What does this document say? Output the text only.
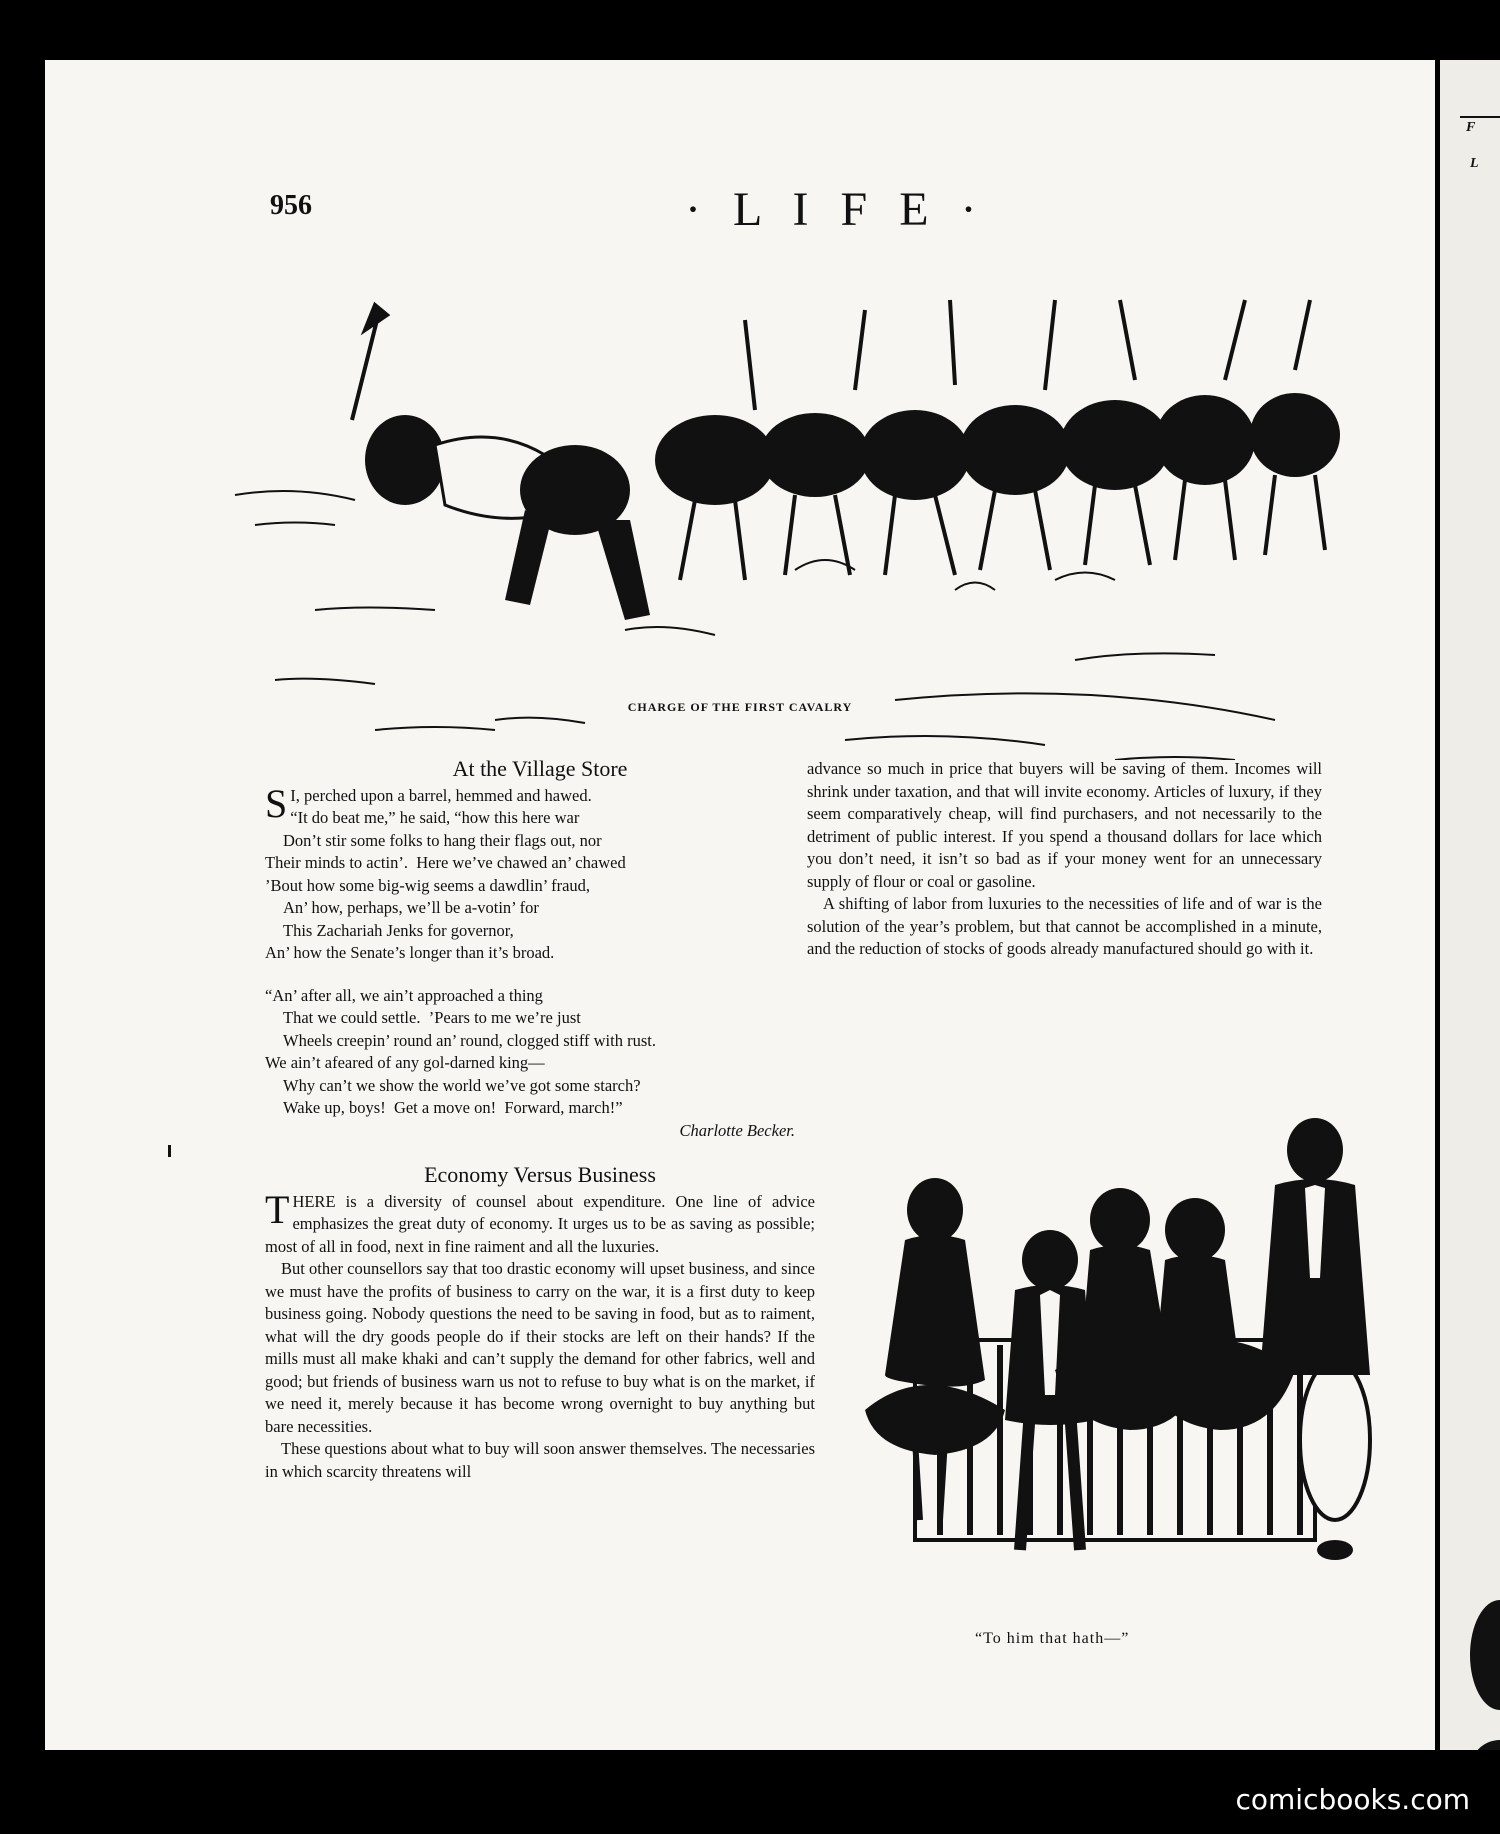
956	· L I F E ·
CHARGE OF THE FIRST CAVALRY
At the Village Store
S I, perched upon a barrel, hemmed and hawed.

“It do beat me,” he said, “how this here war

Don’t stir some folks to hang their flags out, nor

Their minds to actin’.  Here we’ve chawed an’ chawed

’Bout how some big-wig seems a dawdlin’ fraud,

An’ how, perhaps, we’ll be a-votin’ for

This Zachariah Jenks for governor,

An’ how the Senate’s longer than it’s broad.

“An’ after all, we ain’t approached a thing

That we could settle.  ’Pears to me we’re just

Wheels creepin’ round an’ round, clogged stiff with rust.

We ain’t afeared of any gol-darned king—

Why can’t we show the world we’ve got some starch?

Wake up, boys!  Get a move on!  Forward, march!”

Charlotte Becker.

Economy Versus Business

THERE is a diversity of counsel about expenditure. One line of advice emphasizes the great duty of economy. It urges us to be as saving as possible; most of all in food, next in fine raiment and all the luxuries.

But other counsellors say that too drastic economy will upset business, and since we must have the profits of business to carry on the war, it is a first duty to keep business going. Nobody questions the need to be saving in food, but as to raiment, what will the dry goods people do if their stocks are left on their hands? If the mills must all make khaki and can’t supply the demand for other fabrics, well and good; but friends of business warn us not to refuse to buy what is on the market, if we need it, merely because it has become wrong overnight to buy anything but bare necessities.

These questions about what to buy will soon answer themselves. The necessaries in which scarcity threatens will

advance so much in price that buyers will be saving of them. Incomes will shrink under taxation, and that will invite economy. Articles of luxury, if they seem comparatively cheap, will find purchasers, and not necessarily to the detriment of public interest. If you spend a thousand dollars for lace which you don’t need, it isn’t so bad as if your money went for an unnecessary supply of flour or coal or gasoline.

A shifting of labor from luxuries to the necessities of life and of war is the solution of the year’s problem, but that cannot be accomplished in a minute, and the reduction of stocks of goods already manufactured should go with it.

“To him that hath—”
F
L
comicbooks.com
